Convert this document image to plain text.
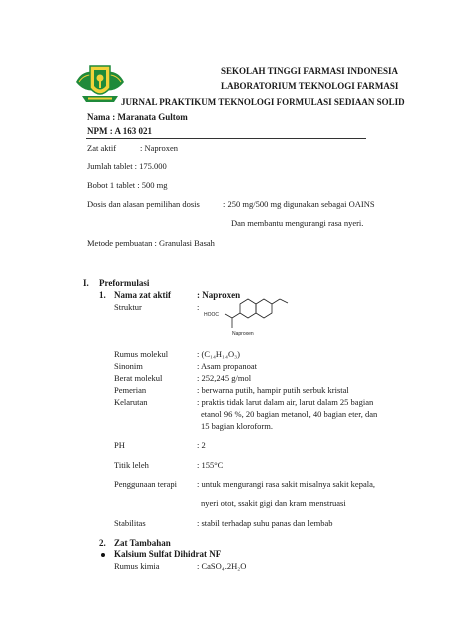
SEKOLAH TINGGI FARMASI INDONESIA
LABORATORIUM TEKNOLOGI FARMASI
JURNAL PRAKTIKUM TEKNOLOGI FORMULASI SEDIAAN SOLID
Nama : Maranata Gultom
NPM : A 163 021
Zat aktif	: Naproxen
Jumlah tablet : 175.000
Bobot 1 tablet : 500 mg
Dosis dan alasan pemilihan dosis	: 250 mg/500 mg digunakan sebagai OAINS
Dan membantu mengurangi rasa nyeri.
Metode pembuatan : Granulasi Basah
I. Preformulasi
1. Nama zat aktif	: Naproxen
Struktur	:
HOOC
Naproxen
Rumus molekul	: (C₁₄H₁₄O₃)
Sinonim	: Asam propanoat
Berat molekul	: 252,245 g/mol
Pemerian	: berwarna putih, hampir putih serbuk kristal
Kelarutan	: praktis tidak larut dalam air, larut dalam 25 bagian
etanol 96 %, 20 bagian metanol, 40 bagian eter, dan
15 bagian kloroform.
PH	: 2
Titik leleh	: 155°C
Penggunaan terapi : untuk mengurangi rasa sakit misalnya sakit kepala,
nyeri otot, ssakit gigi dan kram menstruasi
Stabilitas	: stabil terhadap suhu panas dan lembab
2. Zat Tambahan
Kalsium Sulfat Dihidrat NF
Rumus kimia	: CaSO₄.2H₂O
